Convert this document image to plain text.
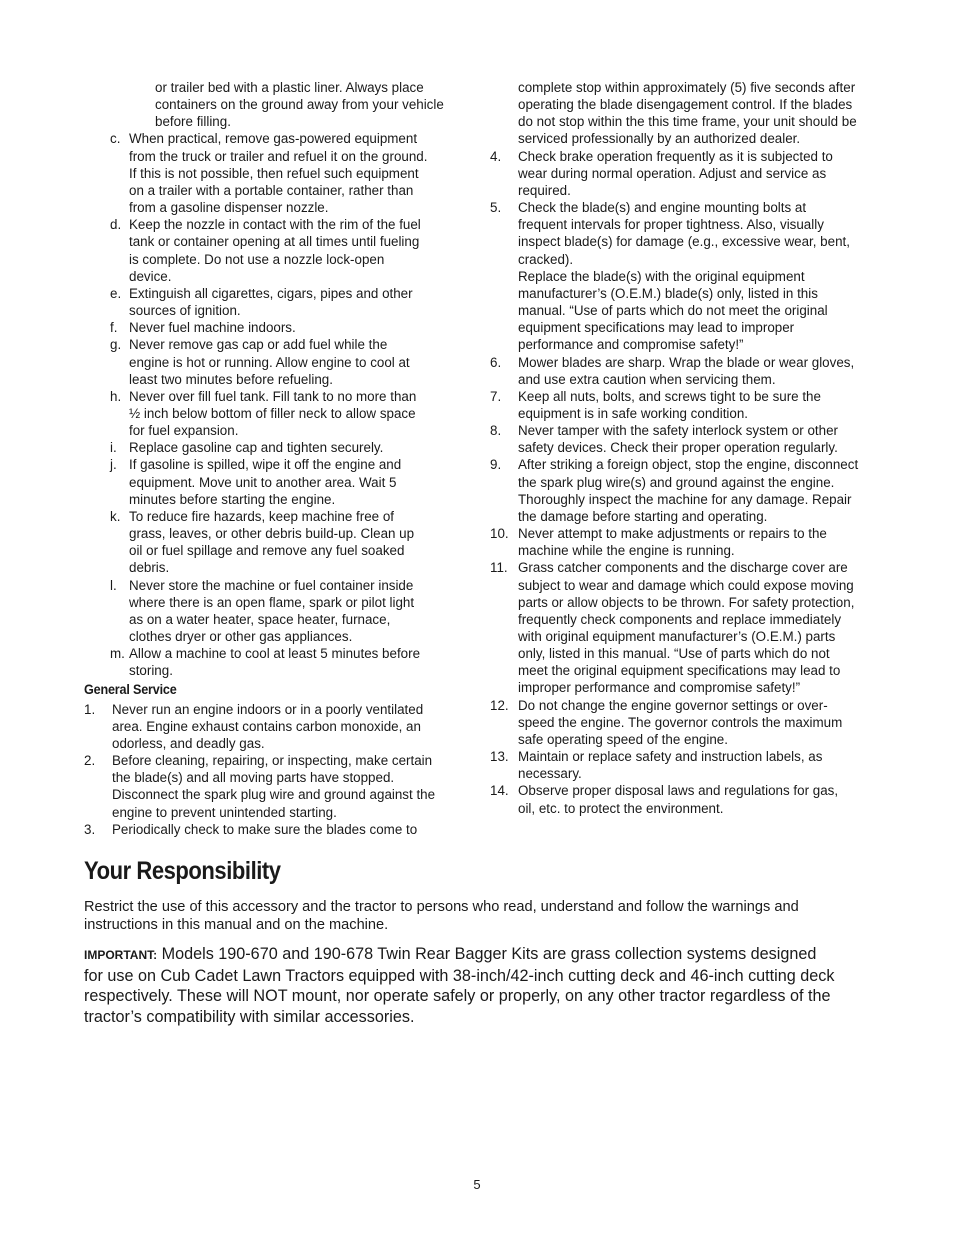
or trailer bed with a plastic liner. Always place
containers on the ground away from your vehicle
before filling.
c. When practical, remove gas-powered equipment
from the truck or trailer and refuel it on the ground.
If this is not possible, then refuel such equipment
on a trailer with a portable container, rather than
from a gasoline dispenser nozzle.
d. Keep the nozzle in contact with the rim of the fuel
tank or container opening at all times until fueling
is complete. Do not use a nozzle lock-open
device.
e. Extinguish all cigarettes, cigars, pipes and other
sources of ignition.
f. Never fuel machine indoors.
g. Never remove gas cap or add fuel while the
engine is hot or running. Allow engine to cool at
least two minutes before refueling.
h. Never over fill fuel tank. Fill tank to no more than
½ inch below bottom of filler neck to allow space
for fuel expansion.
i. Replace gasoline cap and tighten securely.
j. If gasoline is spilled, wipe it off the engine and
equipment. Move unit to another area. Wait 5
minutes before starting the engine.
k. To reduce fire hazards, keep machine free of
grass, leaves, or other debris build-up. Clean up
oil or fuel spillage and remove any fuel soaked
debris.
l. Never store the machine or fuel container inside
where there is an open flame, spark or pilot light
as on a water heater, space heater, furnace,
clothes dryer or other gas appliances.
m. Allow a machine to cool at least 5 minutes before
storing.
General Service
1.	Never run an engine indoors or in a poorly ventilated
area. Engine exhaust contains carbon monoxide, an
odorless, and deadly gas.
2.	Before cleaning, repairing, or inspecting, make certain
the blade(s) and all moving parts have stopped.
Disconnect the spark plug wire and ground against the
engine to prevent unintended starting.
3.	Periodically check to make sure the blades come to
complete stop within approximately (5) five seconds after
operating the blade disengagement control. If the blades
do not stop within the this time frame, your unit should be
serviced professionally by an authorized dealer.
4.	Check brake operation frequently as it is subjected to
wear during normal operation. Adjust and service as
required.
5.	Check the blade(s) and engine mounting bolts at
frequent intervals for proper tightness. Also, visually
inspect blade(s) for damage (e.g., excessive wear, bent,
cracked).
Replace the blade(s) with the original equipment
manufacturer’s (O.E.M.) blade(s) only, listed in this
manual. “Use of parts which do not meet the original
equipment specifications may lead to improper
performance and compromise safety!”
6.	Mower blades are sharp. Wrap the blade or wear gloves,
and use extra caution when servicing them.
7.	Keep all nuts, bolts, and screws tight to be sure the
equipment is in safe working condition.
8.	Never tamper with the safety interlock system or other
safety devices. Check their proper operation regularly.
9.	After striking a foreign object, stop the engine, disconnect
the spark plug wire(s) and ground against the engine.
Thoroughly inspect the machine for any damage. Repair
the damage before starting and operating.
10. Never attempt to make adjustments or repairs to the
machine while the engine is running.
11. Grass catcher components and the discharge cover are
subject to wear and damage which could expose moving
parts or allow objects to be thrown. For safety protection,
frequently check components and replace immediately
with original equipment manufacturer’s (O.E.M.) parts
only, listed in this manual. “Use of parts which do not
meet the original equipment specifications may lead to
improper performance and compromise safety!”
12. Do not change the engine governor settings or over-
speed the engine. The governor controls the maximum
safe operating speed of the engine.
13. Maintain or replace safety and instruction labels, as
necessary.
14. Observe proper disposal laws and regulations for gas,
oil, etc. to protect the environment.
Your Responsibility
Restrict the use of this accessory and the tractor to persons who read, understand and follow the warnings and
instructions in this manual and on the machine.
IMPORTANT: Models 190-670 and 190-678 Twin Rear Bagger Kits are grass collection systems designed
for use on Cub Cadet Lawn Tractors equipped with 38-inch/42-inch cutting deck and 46-inch cutting deck
respectively. These will NOT mount, nor operate safely or properly, on any other tractor regardless of the
tractor’s compatibility with similar accessories.
5
